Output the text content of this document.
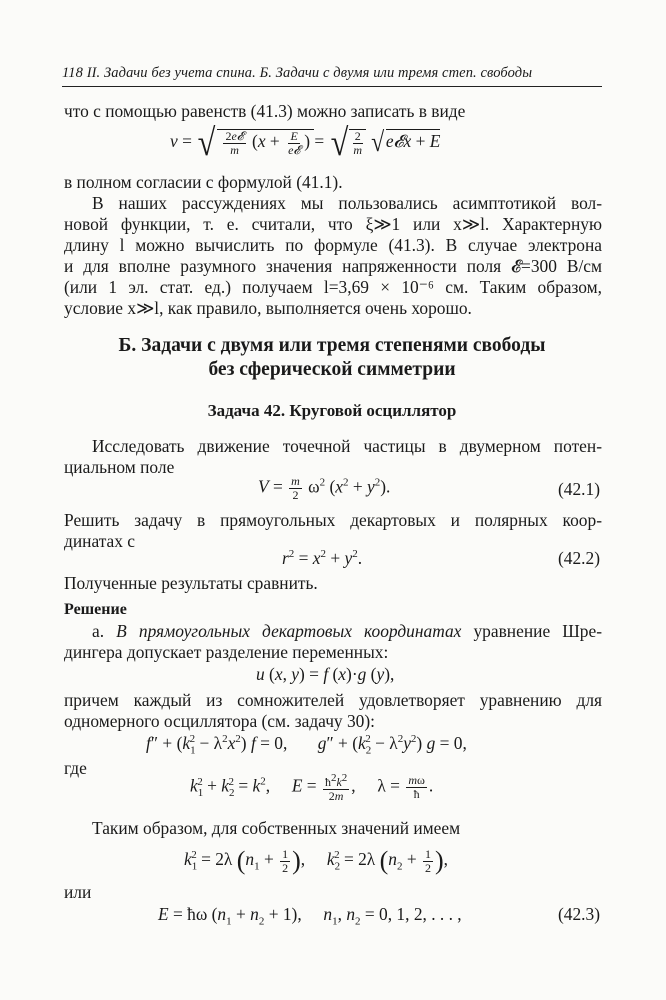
118 II. Задачи без учета спина. Б. Задачи с двумя или тремя степ. свободы
что с помощью равенств (41.3) можно записать в виде
v = √ $\frac{\text{2e𝓔}}{m} (x + \frac{E}{\text{e𝓔}}$ ) = √ $\frac{2}{m}$ √e𝓔x + E
в полном согласии с формулой (41.1).
В наших рассуждениях мы пользовались асимптотикой вол-
новой функции, т. е. считали, что ξ≫1 или x≫l. Характерную
длину l можно вычислить по формуле (41.3). В случае электрона
и для вполне разумного значения напряженности поля 𝓔=300 В/см
(или 1 эл. стат. ед.) получаем l=3,69 × 10⁻⁶ см. Таким образом,
условие x≫l, как правило, выполняется очень хорошо.
Б. Задачи с двумя или тремя степенями свободы
без сферической симметрии
Задача 42. Круговой осциллятор
Исследовать движение точечной частицы в двумерном потен-
циальном поле
$V = \frac{m}{2} \omega^2$ $(x^2 + y^2)$.	(42.1)
Решить задачу в прямоугольных декартовых и полярных коор-
динатах с
$r^2 = x^2 + y^2$.	(42.2)
Полученные результаты сравнить.
Решение
а. В прямоугольных декартовых координатах уравнение Шре-
дингера допускает разделение переменных:
u (x, y) = f (x)·g (y),
причем каждый из сомножителей удовлетворяет уравнению для
одномерного осциллятора (см. задачу 30):
$f'' + (k_1^2 - \lambda^2x^2) f = 0$,       $g'' + (k_2^2 - \lambda^2y^2) g = 0$,
где
$k_1^2 + k_2^2 = k^2$,     $E = \frac{ħ^2k^2}{2m}$ ,     $\lambda = \frac{m\omega}{ħ}$ .
Таким образом, для собственных значений имеем
$k_1^2 = 2\lambda$ ($n_1 + \frac{1}{2}$ ),     $k_2^2 = 2\lambda$ ($n_2 + \frac{1}{2}$ ),
или
E = ħω $(n_1 + n_2 + 1)$,     $n_1$, $n_2 = 0$, 1, 2, . . . ,	(42.3)
